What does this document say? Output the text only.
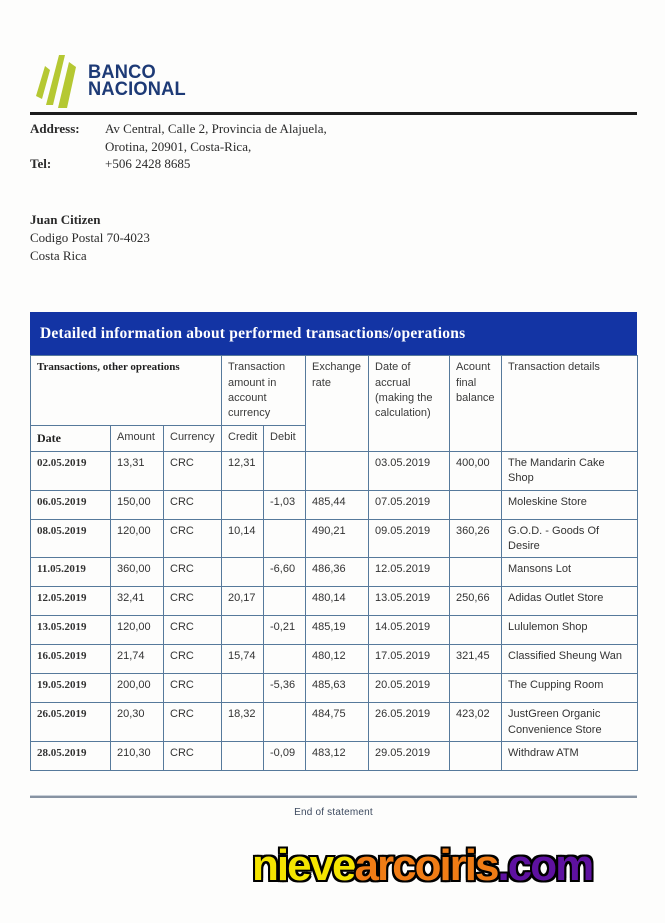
BANCO
NACIONAL
Address:	Av Central, Calle 2, Provincia de Alajuela,
Orotina, 20901, Costa-Rica,
Tel:	+506 2428 8685
Juan Citizen
Codigo Postal 70-4023
Costa Rica
Detailed information about performed transactions/operations
Transactions, other opreations			Transaction amount in account currency		Exchange rate	Date of accrual (making the calculation)	Acount final balance	Transaction details
Date	Amount	Currency	Credit	Debit				
02.05.2019	13,31	CRC	12,31			03.05.2019	400,00	The Mandarin Cake Shop
06.05.2019	150,00	CRC		-1,03	485,44	07.05.2019		Moleskine Store
08.05.2019	120,00	CRC	10,14		490,21	09.05.2019	360,26	G.O.D. - Goods Of Desire
11.05.2019	360,00	CRC		-6,60	486,36	12.05.2019		Mansons Lot
12.05.2019	32,41	CRC	20,17		480,14	13.05.2019	250,66	Adidas Outlet Store
13.05.2019	120,00	CRC		-0,21	485,19	14.05.2019		Lululemon Shop
16.05.2019	21,74	CRC	15,74		480,12	17.05.2019	321,45	Classified Sheung Wan
19.05.2019	200,00	CRC		-5,36	485,63	20.05.2019		The Cupping Room
26.05.2019	20,30	CRC	18,32		484,75	26.05.2019	423,02	JustGreen Organic Convenience Store
28.05.2019	210,30	CRC		-0,09	483,12	29.05.2019		Withdraw ATM
End of statement
nievearcoiris.com
